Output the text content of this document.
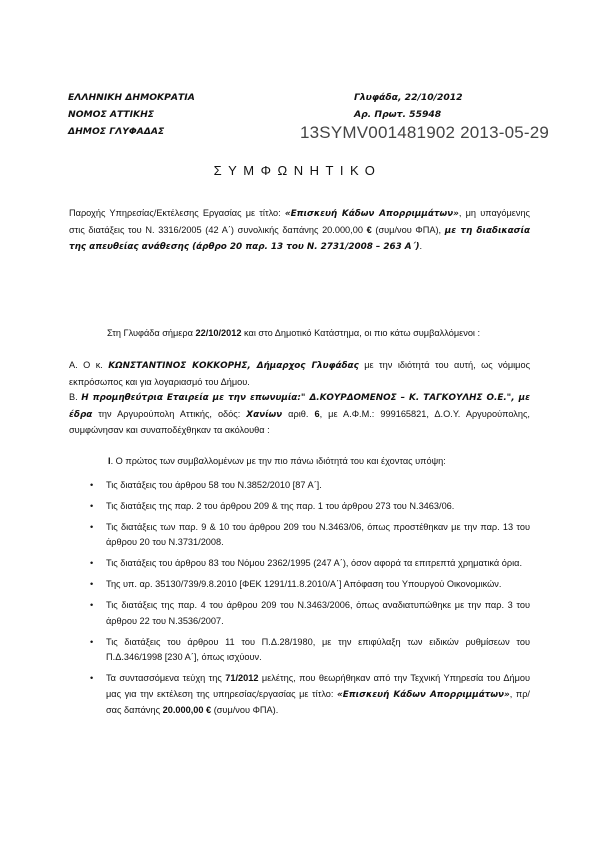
ΕΛΛΗΝΙΚΗ ΔΗΜΟΚΡΑΤΙΑ
ΝΟΜΟΣ ΑΤΤΙΚΗΣ
ΔΗΜΟΣ ΓΛΥΦΑΔΑΣ
Γλυφάδα, 22/10/2012
Αρ. Πρωτ. 55948
13SYMV001481902 2013-05-29
ΣΥΜΦΩΝΗΤΙΚΟ
Παροχής Υπηρεσίας/Εκτέλεσης Εργασίας με τίτλο: «Επισκευή Κάδων Απορριμμάτων», μη υπαγόμενης στις διατάξεις του Ν. 3316/2005 (42 Α΄) συνολικής δαπάνης 20.000,00 € (συμ/νου ΦΠΑ), με τη διαδικασία της απευθείας ανάθεσης (άρθρο 20 παρ. 13 του Ν. 2731/2008 – 263 Α΄).
Στη Γλυφάδα σήμερα 22/10/2012 και στο Δημοτικό Κατάστημα, οι πιο κάτω συμβαλλόμενοι :
Α. Ο κ. ΚΩΝΣΤΑΝΤΙΝΟΣ ΚΟΚΚΟΡΗΣ, Δήμαρχος Γλυφάδας με την ιδιότητά του αυτή, ως νόμιμος εκπρόσωπος και για λογαριασμό του Δήμου.
Β. Η προμηθεύτρια Εταιρεία με την επωνυμία:" Δ.ΚΟΥΡΔΟΜΕΝΟΣ – Κ. ΤΑΓΚΟΥΛΗΣ Ο.Ε.", με έδρα την Αργυρούπολη Αττικής, οδός: Χανίων αριθ. 6, με Α.Φ.Μ.: 999165821, Δ.Ο.Υ. Αργυρούπολης, συμφώνησαν και συναποδέχθηκαν τα ακόλουθα :
Ι. Ο πρώτος των συμβαλλομένων με την πιο πάνω ιδιότητά του και έχοντας υπόψη:
• Τις διατάξεις του άρθρου 58 του Ν.3852/2010 [87 Α΄].
• Τις διατάξεις της παρ. 2 του άρθρου 209 & της παρ. 1 του άρθρου 273 του Ν.3463/06.
• Τις διατάξεις των παρ. 9 & 10 του άρθρου 209 του Ν.3463/06, όπως προστέθηκαν με την παρ. 13 του άρθρου 20 του Ν.3731/2008.
• Τις διατάξεις του άρθρου 83 του Νόμου 2362/1995 (247 Α΄), όσον αφορά τα επιτρεπτά χρηματικά όρια.
• Της υπ. αρ. 35130/739/9.8.2010 [ΦΕΚ 1291/11.8.2010/Α΄] Απόφαση του Υπουργού Οικονομικών.
• Τις διατάξεις της παρ. 4 του άρθρου 209 του Ν.3463/2006, όπως αναδιατυπώθηκε με την παρ. 3 του άρθρου 22 του Ν.3536/2007.
• Τις διατάξεις του άρθρου 11 του Π.Δ.28/1980, με την επιφύλαξη των ειδικών ρυθμίσεων του Π.Δ.346/1998 [230 Α΄], όπως ισχύουν.
• Τα συντασσόμενα τεύχη της 71/2012 μελέτης, που θεωρήθηκαν από την Τεχνική Υπηρεσία του Δήμου μας για την εκτέλεση της υπηρεσίας/εργασίας με τίτλο: «Επισκευή Κάδων Απορριμμάτων», πρ/σας δαπάνης 20.000,00 € (συμ/νου ΦΠΑ).
